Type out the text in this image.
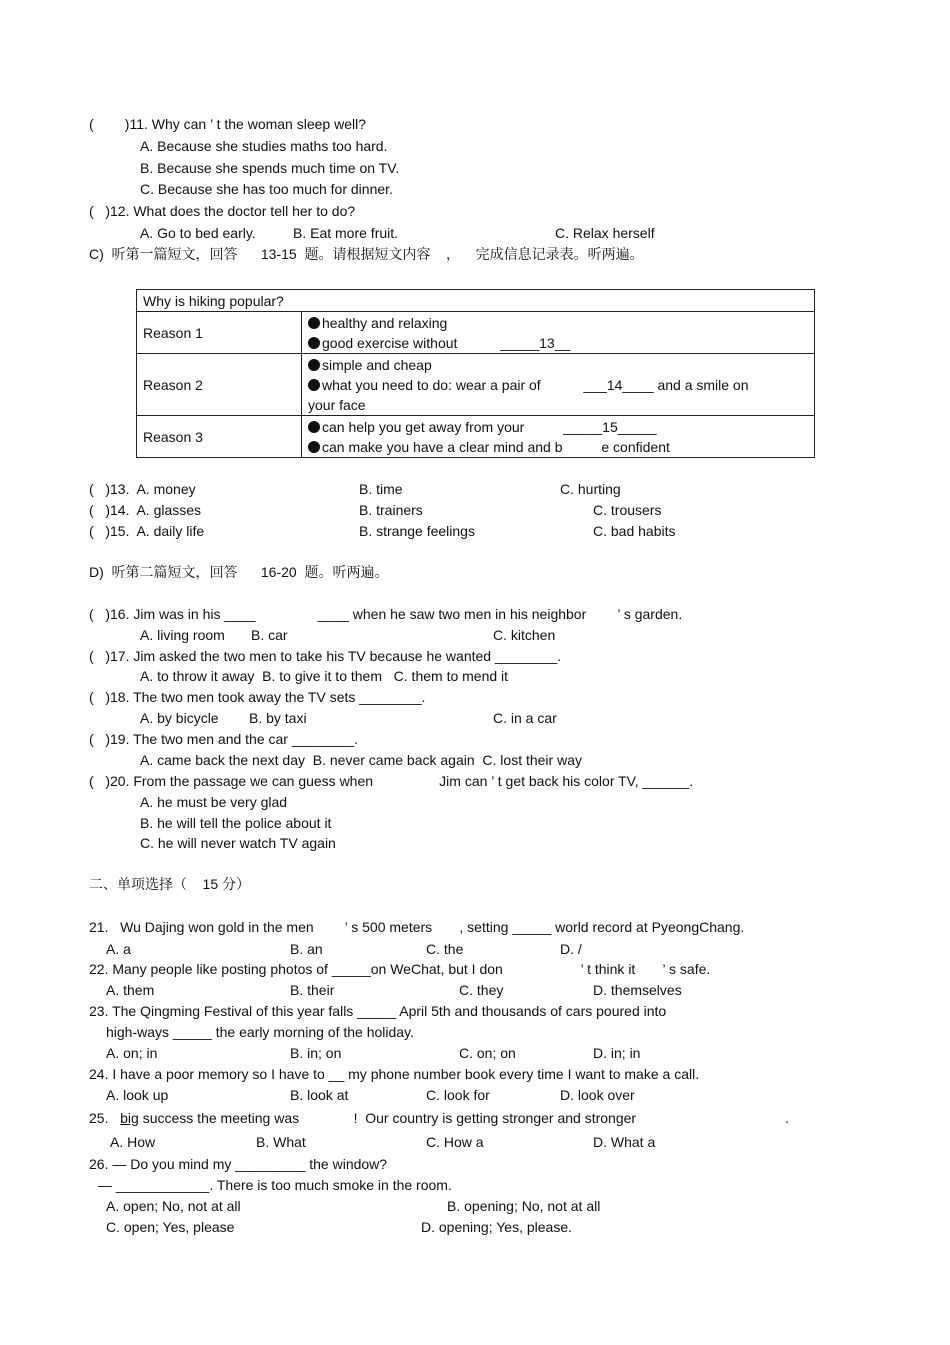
(        )11. Why can ’ t the woman sleep well?
A. Because she studies maths too hard.
B. Because she spends much time on TV.
C. Because she has too much for dinner.
(   )12. What does the doctor tell her to do?
A. Go to bed early.	B. Eat more fruit.	C. Relax herself
C)  听第一篇短文，回答      13-15  题。请根据短文内容    ，    完成信息记录表。听两遍。
Why is hiking popular?	
Reason 1	healthy and relaxing
good exercise without           _____13__

Reason 2	simple and cheap
what you need to do: wear a pair of           ___14____ and a smile on
your face

Reason 3	can help you get away from your          _____15_____
can make you have a clear mind and b          e confident
(   )13.  A. money	B. time	C. hurting
(   )14.  A. glasses	B. trainers	C. trousers
(   )15.  A. daily life	B. strange feelings	C. bad habits
D)  听第二篇短文，回答      16-20  题。听两遍。
(   )16. Jim was in his ____                ____ when he saw two men in his neighbor        ’ s garden.
A. living room B. car	C. kitchen
(   )17. Jim asked the two men to take his TV because he wanted ________.
A. to throw it away  B. to give it to them   C. them to mend it
(   )18. The two men took away the TV sets ________.
A. by bicycle B. by taxi	C. in a car
(   )19. The two men and the car ________.
A. came back the next day  B. never came back again  C. lost their way
(   )20. From the passage we can guess when                 Jim can ’ t get back his color TV, ______.
A. he must be very glad
B. he will tell the police about it
C. he will never watch TV again
二、单项选择（    15 分）
21.   Wu Dajing won gold in the men        ’ s 500 meters       , setting _____ world record at PyeongChang.
A. a	B. an	C. the	D. /
22. Many people like posting photos of _____on WeChat, but I don                    ’ t think it       ’ s safe.
A. them	B. their	C. they	D. themselves
23. The Qingming Festival of this year falls _____ April 5th and thousands of cars poured into
high-ways _____ the early morning of the holiday.
A. on; in	B. in; on	C. on; on	D. in; in
24. I have a poor memory so I have to __ my phone number book every time I want to make a call.
A. look up	B. look at	C. look for	D. look over
25. big success the meeting was              !  Our country is getting stronger and stronger	.
A. How	B. What	C. How a	D. What a
26. — Do you mind my _________ the window?
— ____________. There is too much smoke in the room.
A. open; No, not at all	B. opening; No, not at all
C. open; Yes, please	D. opening; Yes, please.
